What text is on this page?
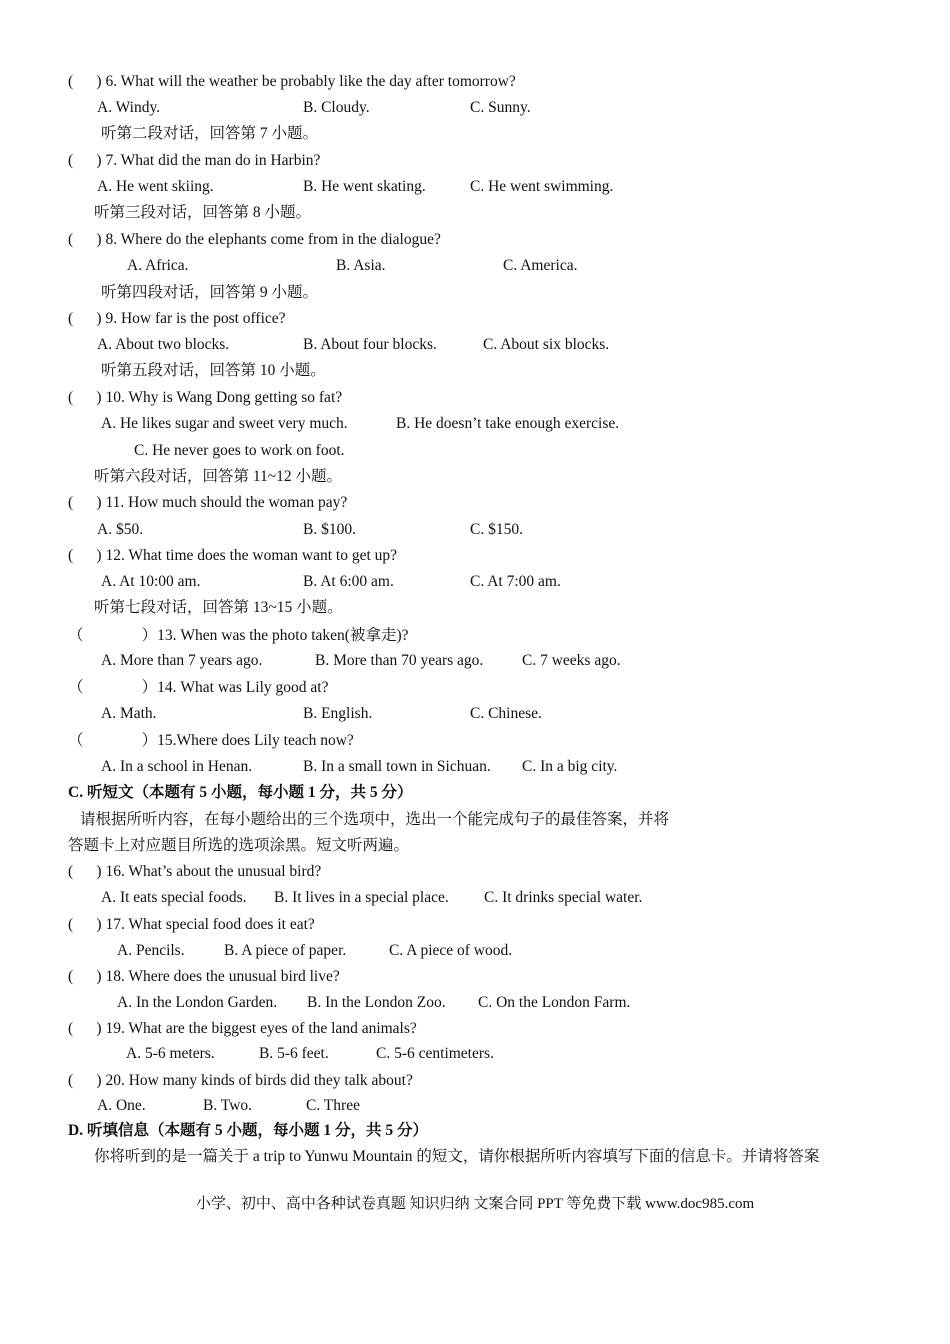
(      ) 6. What will the weather be probably like the day after tomorrow?
A. Windy.	B. Cloudy.	C. Sunny.
听第二段对话，回答第 7 小题。
(      ) 7. What did the man do in Harbin?
A. He went skiing.	B. He went skating.	C. He went swimming.
听第三段对话，回答第 8 小题。
(      ) 8. Where do the elephants come from in the dialogue?
A. Africa.	B. Asia.	C. America.
听第四段对话，回答第 9 小题。
(      ) 9. How far is the post office?
A. About two blocks.	B. About four blocks.	C. About six blocks.
听第五段对话，回答第 10 小题。
(      ) 10. Why is Wang Dong getting so fat?
A. He likes sugar and sweet very much.	B. He doesn’t take enough exercise.
C. He never goes to work on foot.
听第六段对话，回答第 11~12 小题。
(      ) 11. How much should the woman pay?
A. $50.	B. $100.	C. $150.
(      ) 12. What time does the woman want to get up?
A. At 10:00 am.	B. At 6:00 am.	C. At 7:00 am.
听第七段对话，回答第 13~15 小题。
（               ）13. When was the photo taken(被拿走)?
A. More than 7 years ago.	B. More than 70 years ago. C. 7 weeks ago.
（               ）14. What was Lily good at?
A. Math.	B. English.	C. Chinese.
（               ）15.Where does Lily teach now?
A. In a school in Henan.	B. In a small town in Sichuan. C. In a big city.
C. 听短文（本题有 5 小题，每小题 1 分，共 5 分）
请根据所听内容，在每小题给出的三个选项中，选出一个能完成句子的最佳答案，并将
答题卡上对应题目所选的选项涂黑。短文听两遍。
(      ) 16. What’s about the unusual bird?
A. It eats special foods. B. It lives in a special place. C. It drinks special water.
(      ) 17. What special food does it eat?
A. Pencils.	B. A piece of paper.	C. A piece of wood.
(      ) 18. Where does the unusual bird live?
A. In the London Garden. B. In the London Zoo. C. On the London Farm.
(      ) 19. What are the biggest eyes of the land animals?
A. 5-6 meters.	B. 5-6 feet.	C. 5-6 centimeters.
(      ) 20. How many kinds of birds did they talk about?
A. One.	B. Two.	C. Three
D. 听填信息（本题有 5 小题，每小题 1 分，共 5 分）
你将听到的是一篇关于 a trip to Yunwu Mountain 的短文，请你根据所听内容填写下面的信息卡。并请将答案
小学、初中、高中各种试卷真题 知识归纳 文案合同 PPT 等免费下载 www.doc985.com
